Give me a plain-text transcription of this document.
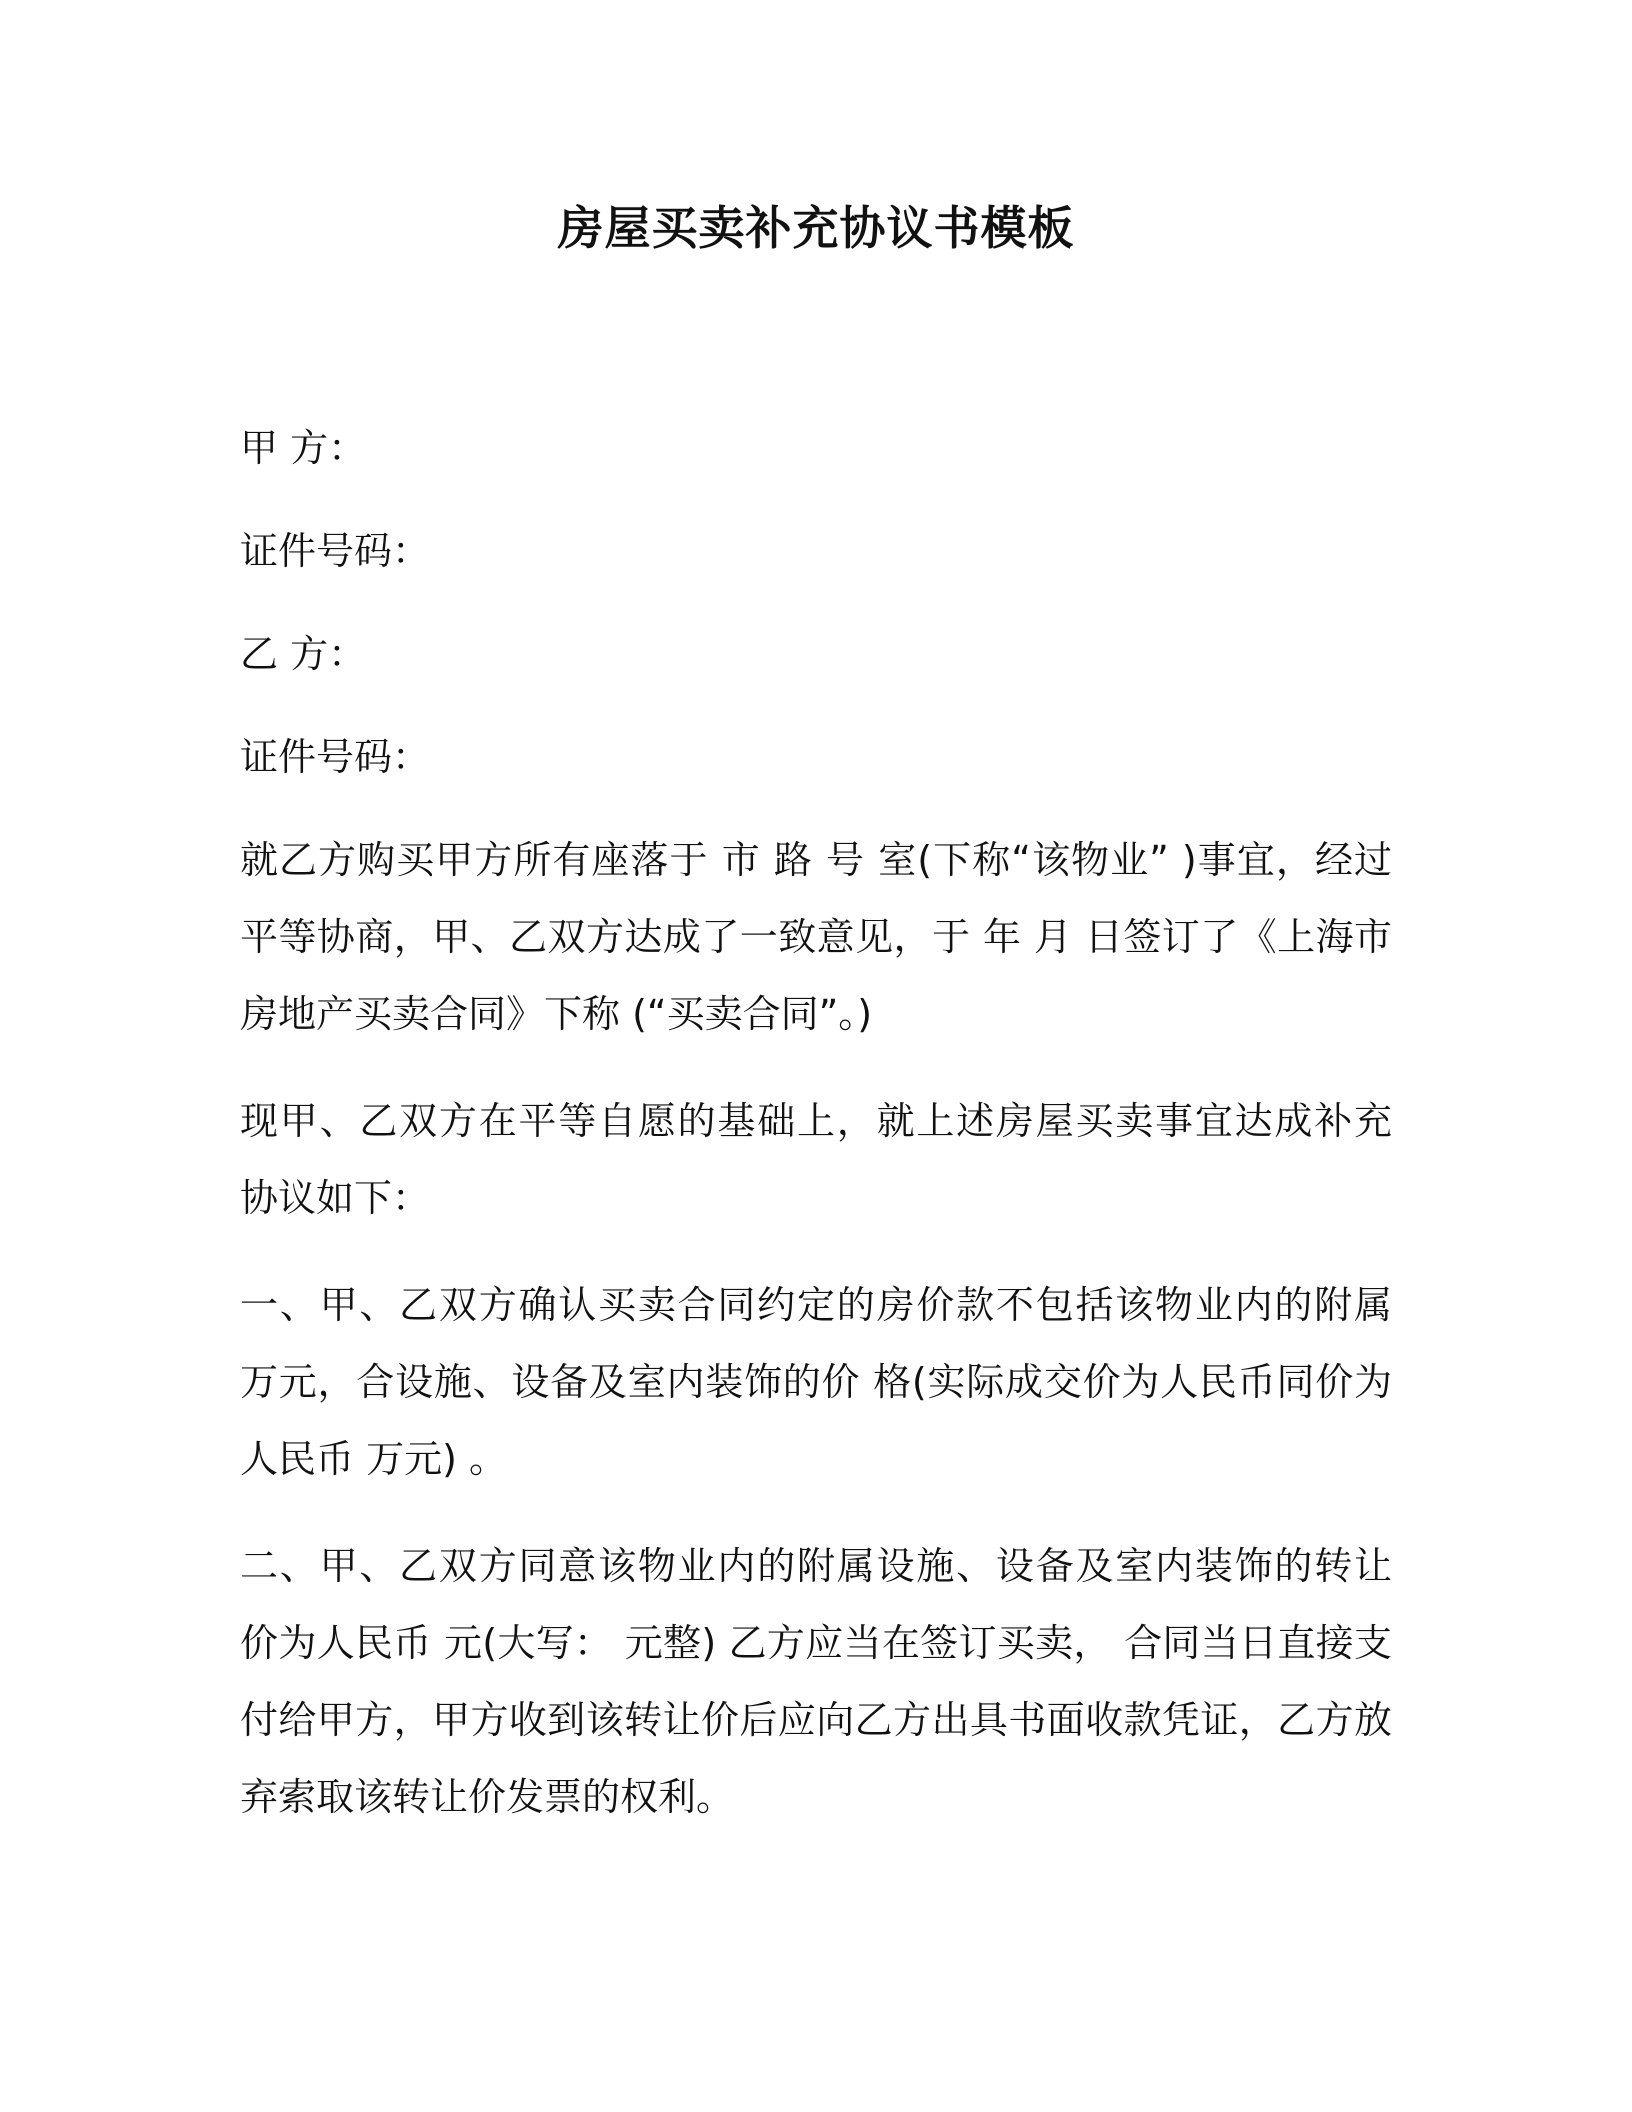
房屋买卖补充协议书模板
甲 方：
证件号码：
乙 方：
证件号码：

就乙方购买甲方所有座落于 市 路 号 室(下称“该物业” )事宜，经过平等协商，甲、乙双方达成了一致意见，于 年 月 日签订了《上海市房地产买卖合同》下称 (“买卖合同”。)

现甲、乙双方在平等自愿的基础上，就上述房屋买卖事宜达成补充 协议如下：

一、甲、乙双方确认买卖合同约定的房价款不包括该物业内的附属 万元，合设施、设备及室内装饰的价 格(实际成交价为人民币同价为人民币 万元) 。

二、甲、乙双方同意该物业内的附属设施、设备及室内装饰的转让 价为人民币 元(大写： 元整) 乙方应当在签订买卖， 合同当日直接支付给甲方，甲方收到该转让价后应向乙方出具书面收款凭证，乙方放弃索取该转让价发票的权利。
